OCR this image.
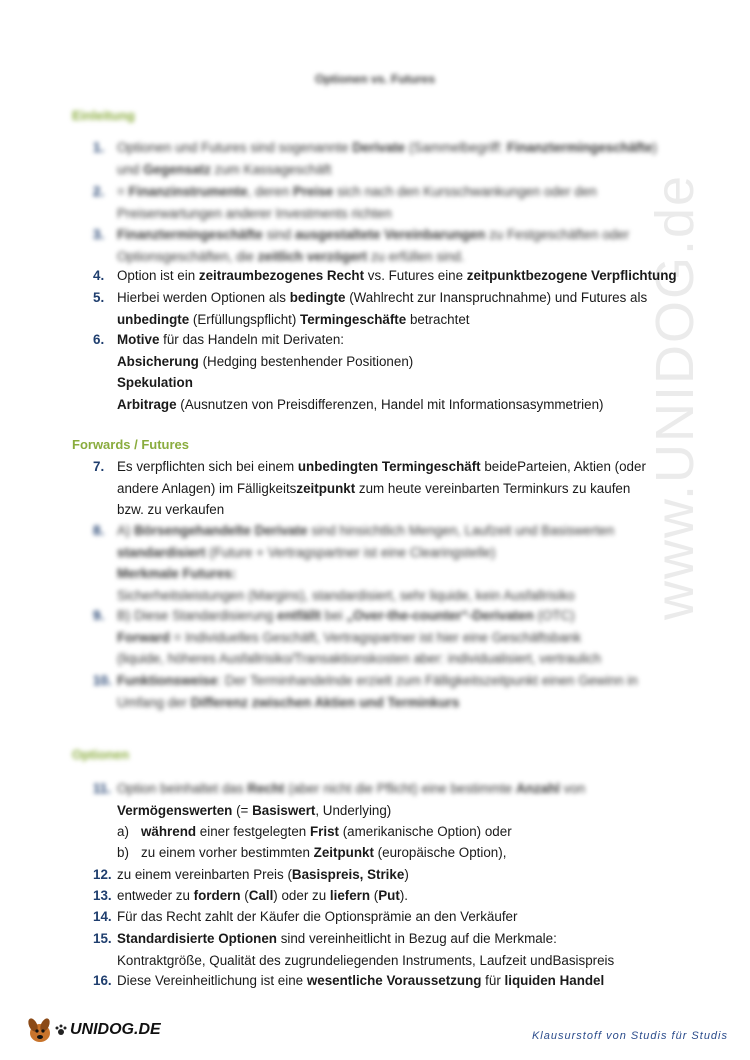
www.UNIDOG.de
Optionen vs. Futures
Einleitung
1. Optionen und Futures sind sogenannte Derivate (Sammelbegriff: Finanztermingeschäfte)
und Gegensatz zum Kassageschäft
2. = Finanzinstrumente, deren Preise sich nach den Kursschwankungen oder den
Preiserwartungen anderer Investments richten
3. Finanztermingeschäfte sind ausgestaltete Vereinbarungen zu Festgeschäften oder
Optionsgeschäften, die zeitlich verzögert zu erfüllen sind.
4. Option ist ein zeitraumbezogenes Recht vs. Futures eine zeitpunktbezogene Verpflichtung
5. Hierbei werden Optionen als bedingte (Wahlrecht zur Inanspruchnahme) und Futures als
unbedingte (Erfüllungspflicht) Termingeschäfte betrachtet
6. Motive für das Handeln mit Derivaten:
Absicherung (Hedging bestenhender Positionen)
Spekulation
Arbitrage (Ausnutzen von Preisdifferenzen, Handel mit Informationsasymmetrien)
Forwards / Futures
7. Es verpflichten sich bei einem unbedingten Termingeschäft beideParteien, Aktien (oder
andere Anlagen) im Fälligkeitszeitpunkt zum heute vereinbarten Terminkurs zu kaufen
bzw. zu verkaufen
8. A) Börsengehandelte Derivate sind hinsichtlich Mengen, Laufzeit und Basiswerten
standardisiert (Future + Vertragspartner ist eine Clearingstelle)
Merkmale Futures:
Sicherheitsleistungen (Margins), standardisiert, sehr liquide, kein Ausfallrisiko
9. B) Diese Standardisierung entfällt bei „Over-the-counter“-Derivaten (OTC)
Forward = Individuelles Geschäft, Vertragspartner ist hier eine Geschäftsbank
(liquide, höheres Ausfallrisiko/Transaktionskosten aber: individualisiert, vertraulich
10. Funktionsweise: Der Terminhandelnde erzielt zum Fälligkeitszeitpunkt einen Gewinn in
Umfang der Differenz zwischen Aktien und Terminkurs
Optionen
11. Option beinhaltet das Recht (aber nicht die Pflicht) eine bestimmte Anzahl von
Vermögenswerten (= Basiswert, Underlying)
a) während einer festgelegten Frist (amerikanische Option) oder
b) zu einem vorher bestimmten Zeitpunkt (europäische Option),
12. zu einem vereinbarten Preis (Basispreis, Strike)
13. entweder zu fordern (Call) oder zu liefern (Put).
14. Für das Recht zahlt der Käufer die Optionsprämie an den Verkäufer
15. Standardisierte Optionen sind vereinheitlicht in Bezug auf die Merkmale:
Kontraktgröße, Qualität des zugrundeliegenden Instruments, Laufzeit undBasispreis
16. Diese Vereinheitlichung ist eine wesentliche Voraussetzung für liquiden Handel
UNIDOG.DE	Klausurstoff von Studis für Studis
